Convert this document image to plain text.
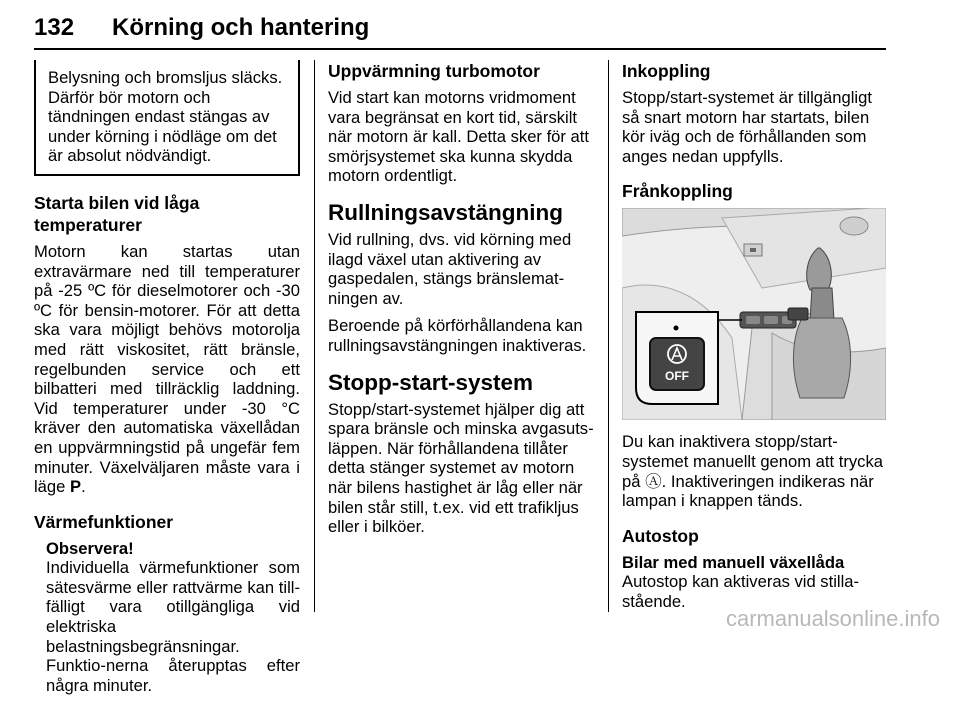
132 Körning och hantering

Belysning och bromsljus släcks. Därför bör motorn och tändningen endast stängas av under körning i nödläge om det är absolut nödvändigt.

Starta bilen vid låga temperaturer

Motorn kan startas utan extravärmare ned till temperaturer på -25 ºC för dieselmotorer och -30 ºC för bensin-motorer. För att detta ska vara möjligt behövs motorolja med rätt viskositet, rätt bränsle, regelbunden service och ett bilbatteri med tillräcklig laddning. Vid temperaturer under -30 °C kräver den automatiska växellådan en uppvärmningstid på ungefär fem minuter. Växelväljaren måste vara i läge P.

Värmefunktioner
Observera!

Individuella värmefunktioner som sätesvärme eller rattvärme kan till-fälligt vara otillgängliga vid elektriska belastningsbegränsningar. Funktio-nerna återupptas efter några minuter.

Uppvärmning turbomotor

Vid start kan motorns vridmoment vara begränsat en kort tid, särskilt när motorn är kall. Detta sker för att smörjsystemet ska kunna skydda motorn ordentligt.

Rullningsavstängning

Vid rullning, dvs. vid körning med ilagd växel utan aktivering av gaspedalen, stängs bränslemat-ningen av.

Beroende på körförhållandena kan rullningsavstängningen inaktiveras.

Stopp-start-system

Stopp/start-systemet hjälper dig att spara bränsle och minska avgasuts-läppen. När förhållandena tillåter detta stänger systemet av motorn när bilens hastighet är låg eller när bilen står still, t.ex. vid ett trafikljus eller i bilköer.

Inkoppling

Stopp/start-systemet är tillgängligt så snart motorn har startats, bilen kör iväg och de förhållanden som anges nedan uppfylls.

Frånkoppling
OFF

Du kan inaktivera stopp/start-systemet manuellt genom att trycka på Ⓐ. Inaktiveringen indikeras när lampan i knappen tänds.

Autostop
Bilar med manuell växellåda

Autostop kan aktiveras vid stilla-stående.

carmanualsonline.info
